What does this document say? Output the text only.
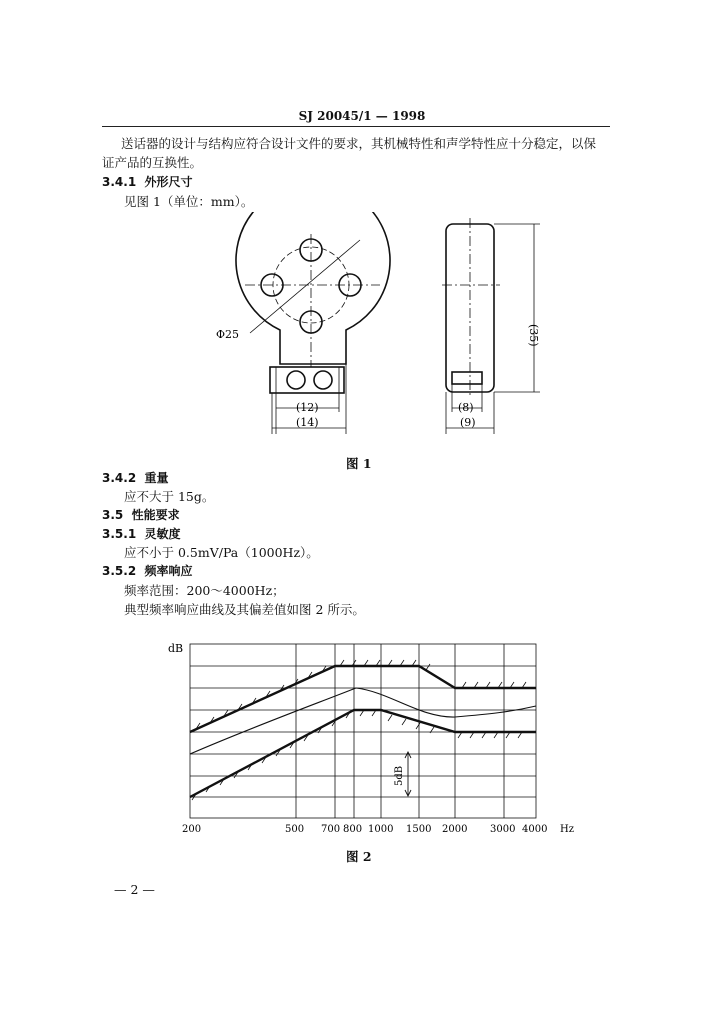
SJ 20045/1 — 1998
送话器的设计与结构应符合设计文件的要求，其机械特性和声学特性应十分稳定，以保
证产品的互换性。
3.4.1 外形尺寸
见图 1（单位：mm）。
Φ25
(12)
(14)
(35)
(8)
(9)
图 1
3.4.2 重量
应不大于 15g。
3.5 性能要求
3.5.1 灵敏度
应不小于 0.5mV/Pa（1000Hz）。
3.5.2 频率响应
频率范围：200～4000Hz；
典型频率响应曲线及其偏差值如图 2 所示。
dB
5dB
200	500 700 800 1000 1500 2000 3000 4000 Hz
图 2
— 2 —
